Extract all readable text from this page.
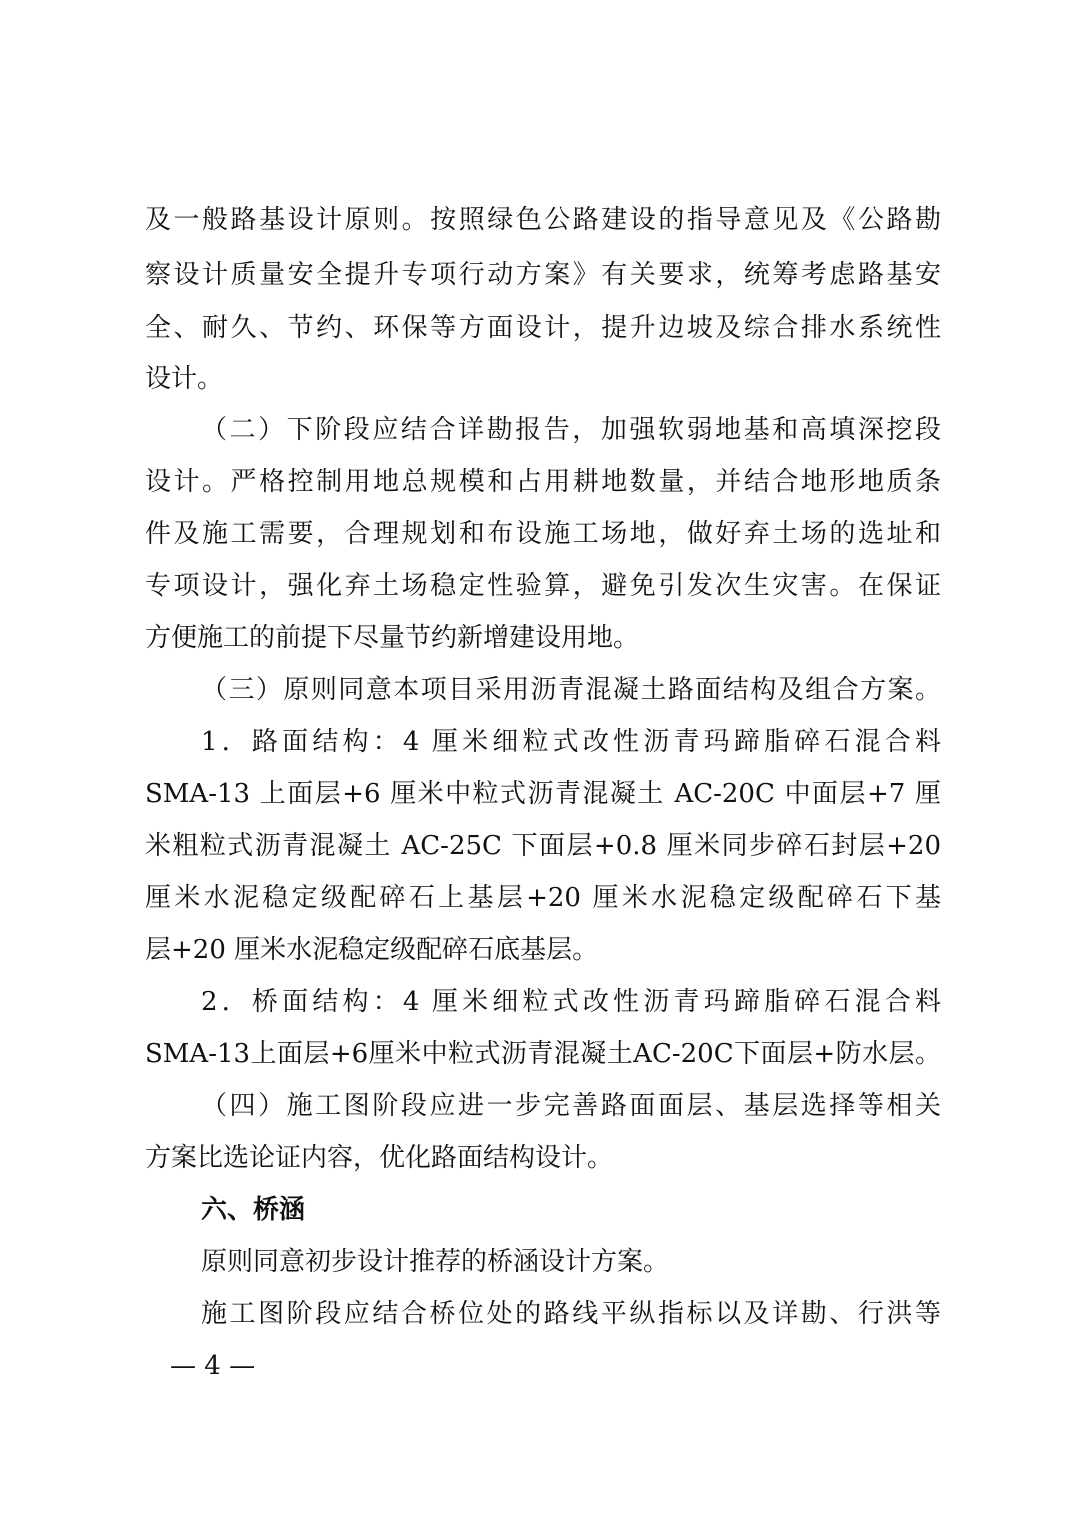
及一般路基设计原则。按照绿色公路建设的指导意见及《公路勘
察设计质量安全提升专项行动方案》有关要求，统筹考虑路基安
全、耐久、节约、环保等方面设计，提升边坡及综合排水系统性
设计。
（二）下阶段应结合详勘报告，加强软弱地基和高填深挖段
设计。严格控制用地总规模和占用耕地数量，并结合地形地质条
件及施工需要，合理规划和布设施工场地，做好弃土场的选址和
专项设计，强化弃土场稳定性验算，避免引发次生灾害。在保证
方便施工的前提下尽量节约新增建设用地。
（三）原则同意本项目采用沥青混凝土路面结构及组合方案。
1．路面结构：4 厘米细粒式改性沥青玛蹄脂碎石混合料
SMA-13 上面层+6 厘米中粒式沥青混凝土 AC-20C 中面层+7 厘
米粗粒式沥青混凝土 AC-25C 下面层+0.8 厘米同步碎石封层+20
厘米水泥稳定级配碎石上基层+20 厘米水泥稳定级配碎石下基
层+20 厘米水泥稳定级配碎石底基层。
2．桥面结构：4 厘米细粒式改性沥青玛蹄脂碎石混合料
SMA-13上面层+6厘米中粒式沥青混凝土AC-20C下面层+防水层。
（四）施工图阶段应进一步完善路面面层、基层选择等相关
方案比选论证内容，优化路面结构设计。
六、桥涵
原则同意初步设计推荐的桥涵设计方案。
施工图阶段应结合桥位处的路线平纵指标以及详勘、行洪等
— 4 —
